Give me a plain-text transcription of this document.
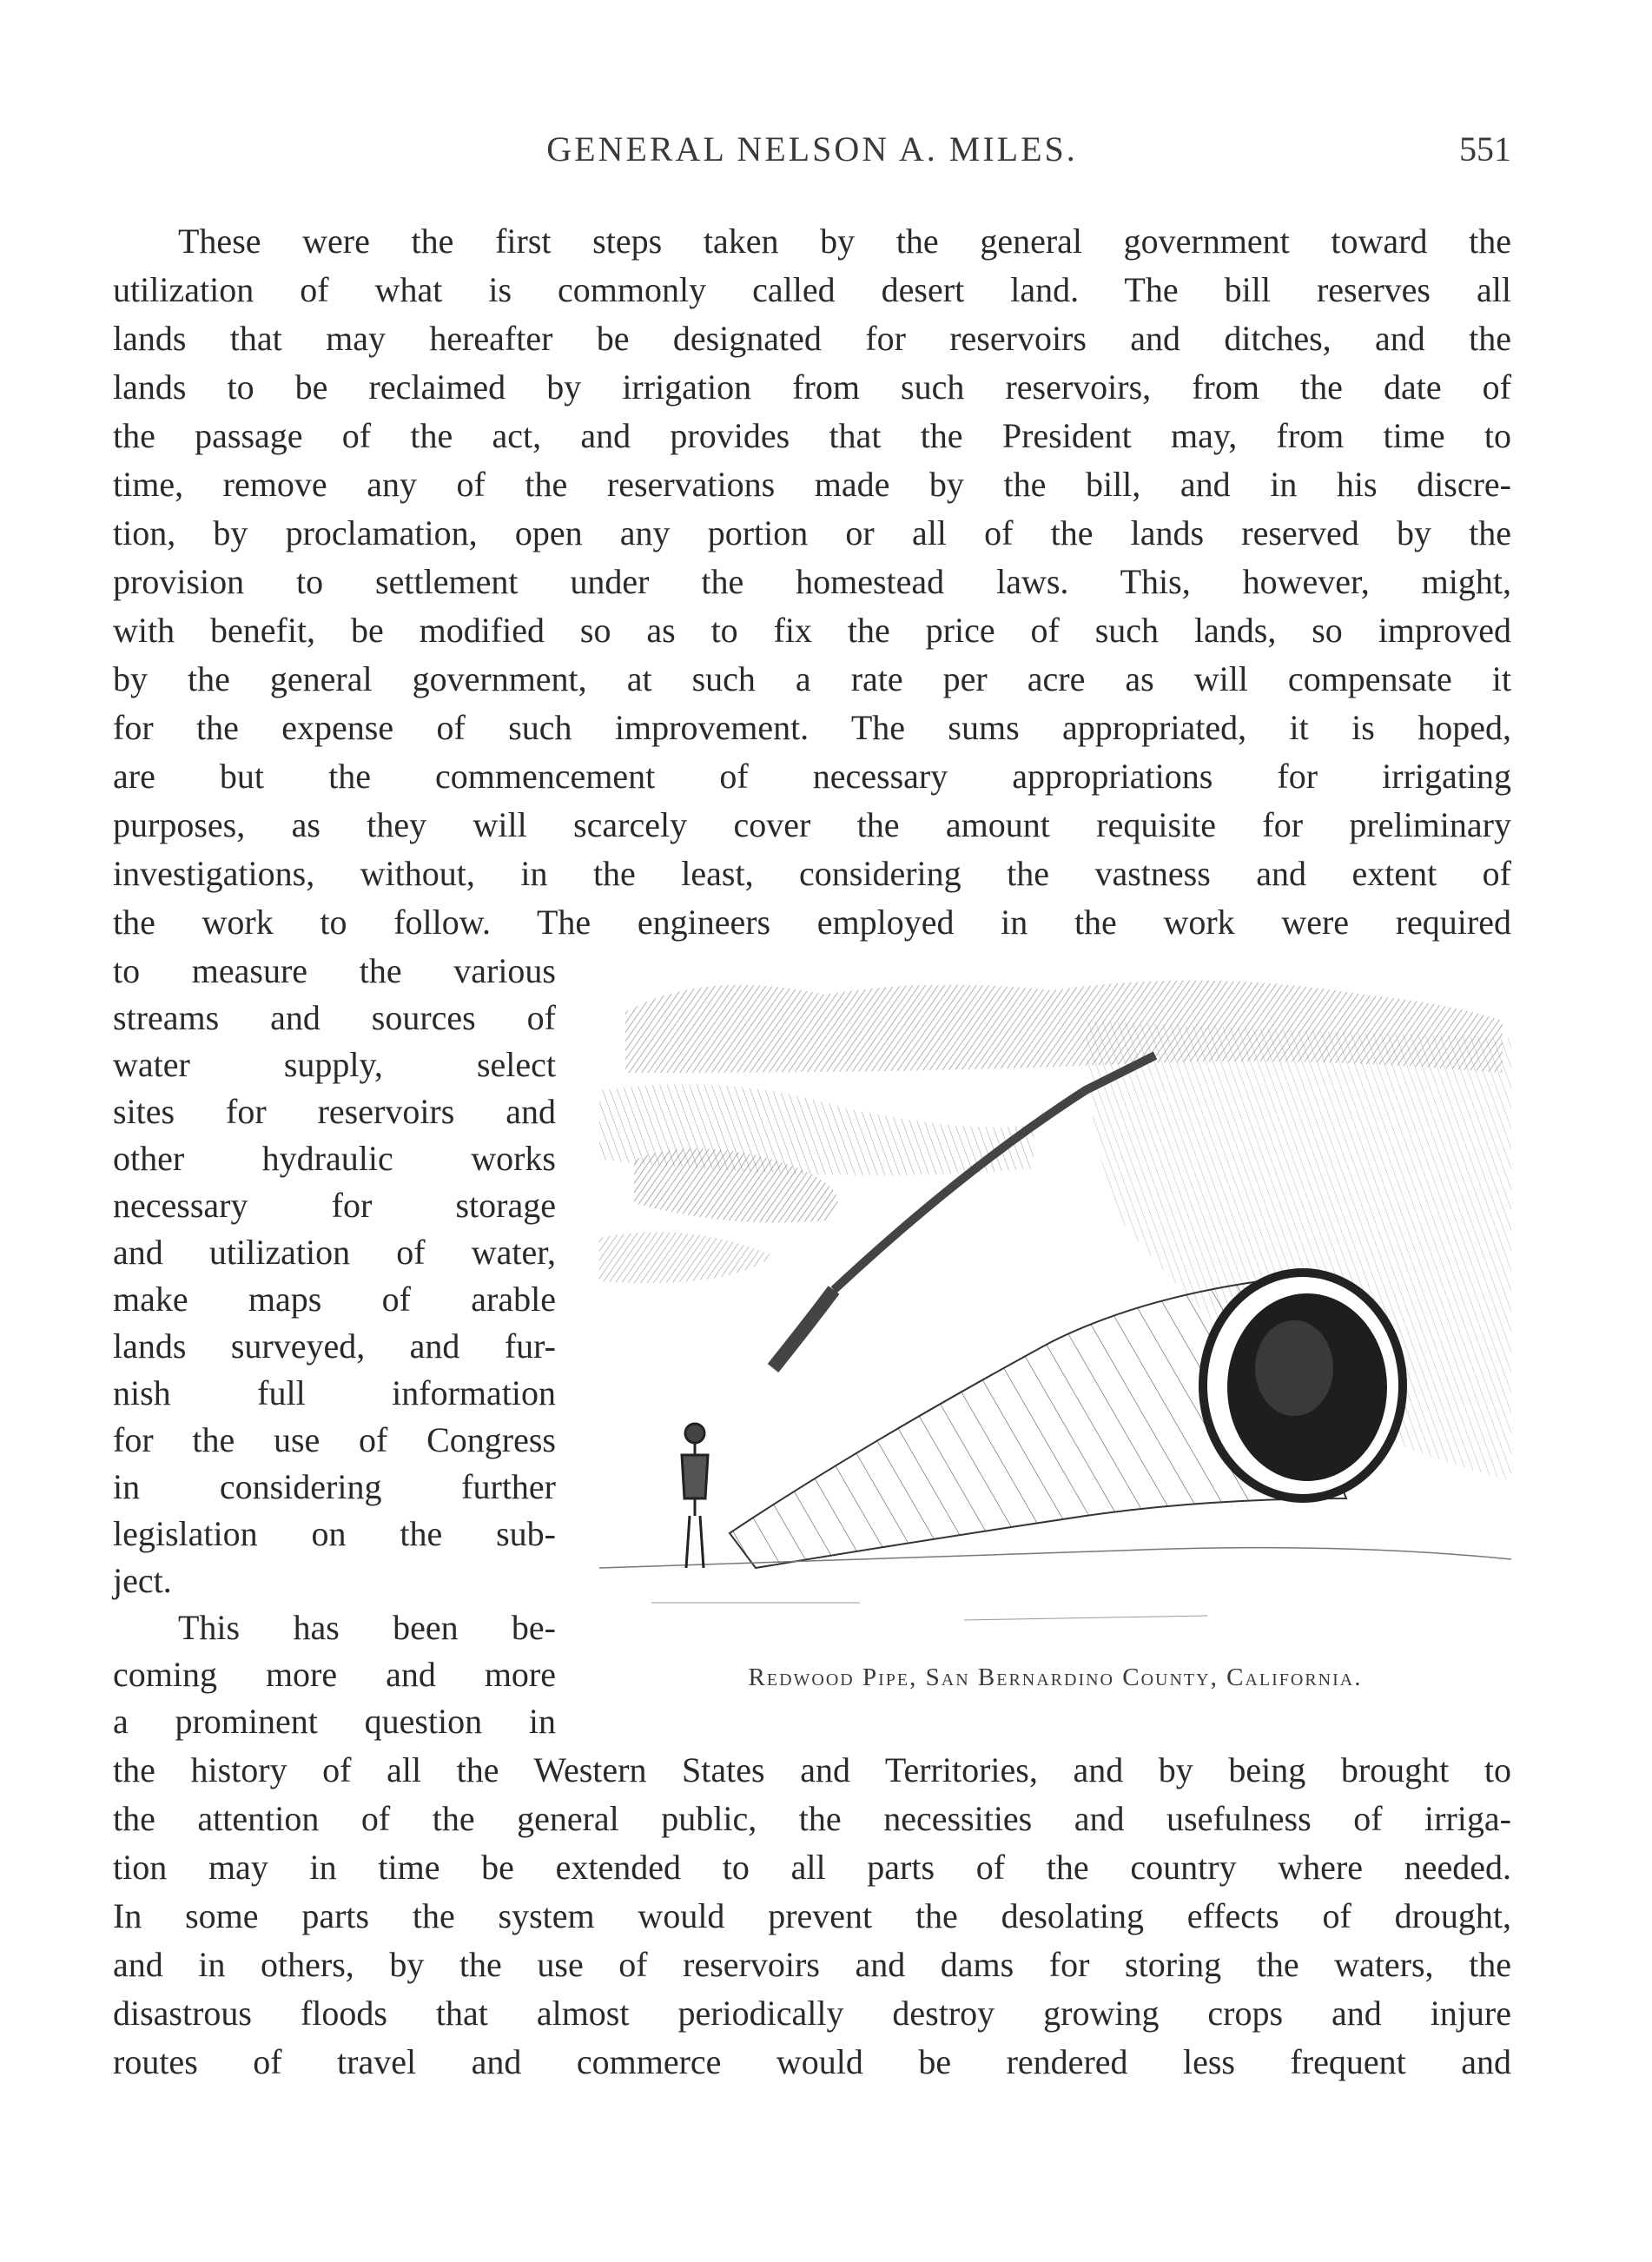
GENERAL NELSON A. MILES.	551
These were the first steps taken by the general government toward the
utilization of what is commonly called desert land. The bill reserves all
lands that may hereafter be designated for reservoirs and ditches, and the
lands to be reclaimed by irrigation from such reservoirs, from the date of
the passage of the act, and provides that the President may, from time to
time, remove any of the reservations made by the bill, and in his discre-
tion, by proclamation, open any portion or all of the lands reserved by the
provision to settlement under the homestead laws. This, however, might,
with benefit, be modified so as to fix the price of such lands, so improved
by the general government, at such a rate per acre as will compensate it
for the expense of such improvement. The sums appropriated, it is hoped,
are but the commencement of necessary appropriations for irrigating
purposes, as they will scarcely cover the amount requisite for preliminary
investigations, without, in the least, considering the vastness and extent of
the work to follow. The engineers employed in the work were required
to measure the various
streams and sources of
water supply, select
sites for reservoirs and
other hydraulic works
necessary for storage
and utilization of water,
make maps of arable
lands surveyed, and fur-
nish full information
for the use of Congress
in considering further
legislation on the sub-
ject.
This has been be-
coming more and more
a prominent question in
the history of all the Western States and Territories, and by being brought to
the attention of the general public, the necessities and usefulness of irriga-
tion may in time be extended to all parts of the country where needed.
In some parts the system would prevent the desolating effects of drought,
and in others, by the use of reservoirs and dams for storing the waters, the
disastrous floods that almost periodically destroy growing crops and injure
routes of travel and commerce would be rendered less frequent and
Redwood Pipe, San Bernardino County, California.
